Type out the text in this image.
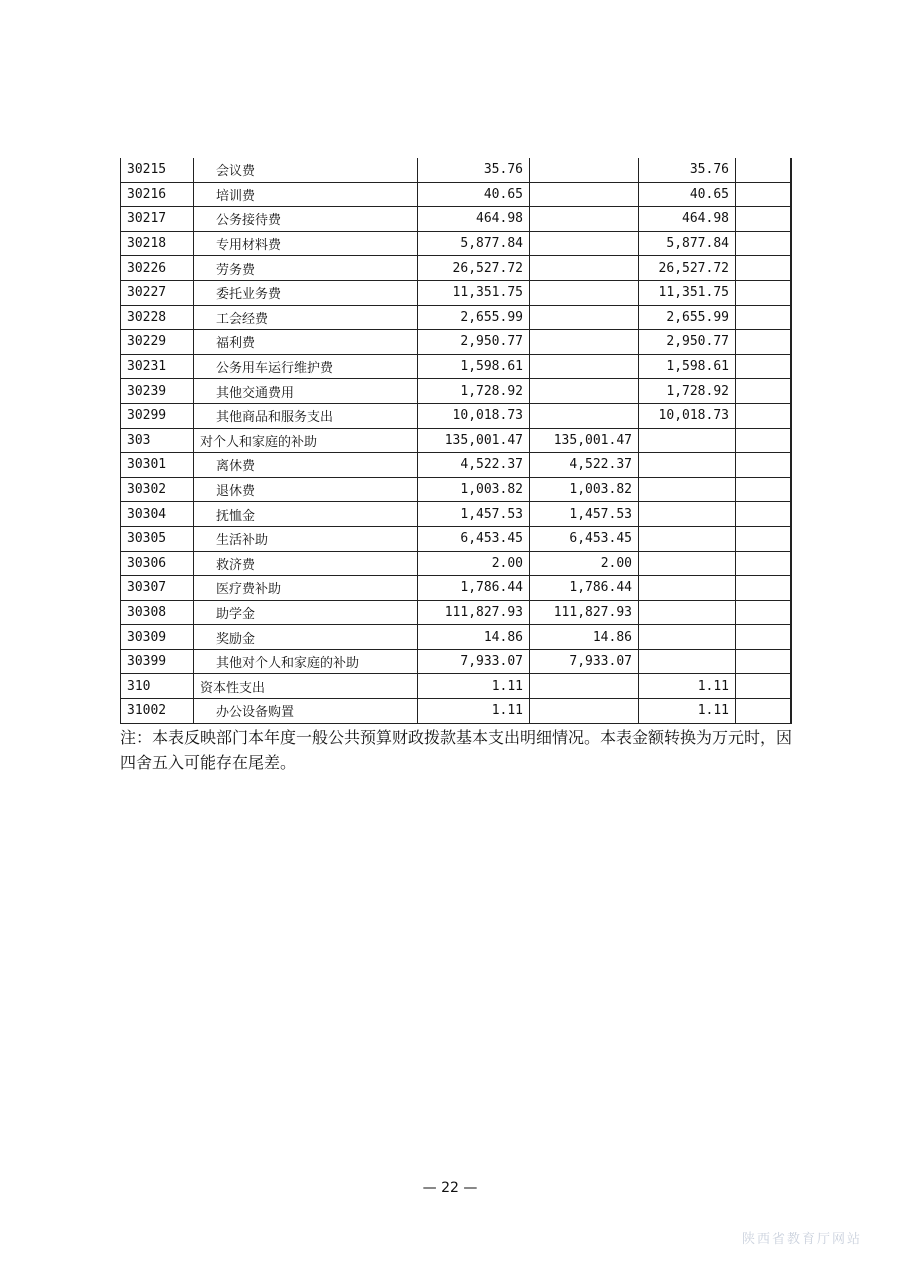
30215	会议费	35.76		35.76	
30216	培训费	40.65		40.65	
30217	公务接待费	464.98		464.98	
30218	专用材料费	5,877.84		5,877.84	
30226	劳务费	26,527.72		26,527.72	
30227	委托业务费	11,351.75		11,351.75	
30228	工会经费	2,655.99		2,655.99	
30229	福利费	2,950.77		2,950.77	
30231	公务用车运行维护费	1,598.61		1,598.61	
30239	其他交通费用	1,728.92		1,728.92	
30299	其他商品和服务支出	10,018.73		10,018.73	
303	对个人和家庭的补助	135,001.47	135,001.47		
30301	离休费	4,522.37	4,522.37		
30302	退休费	1,003.82	1,003.82		
30304	抚恤金	1,457.53	1,457.53		
30305	生活补助	6,453.45	6,453.45		
30306	救济费	2.00	2.00		
30307	医疗费补助	1,786.44	1,786.44		
30308	助学金	111,827.93	111,827.93		
30309	奖励金	14.86	14.86		
30399	其他对个人和家庭的补助	7,933.07	7,933.07		
310	资本性支出	1.11		1.11	
31002	办公设备购置	1.11		1.11	
注：本表反映部门本年度一般公共预算财政拨款基本支出明细情况。本表金额转换为万元时，因四舍五入可能存在尾差。
— 22 —
陕西省教育厅网站
